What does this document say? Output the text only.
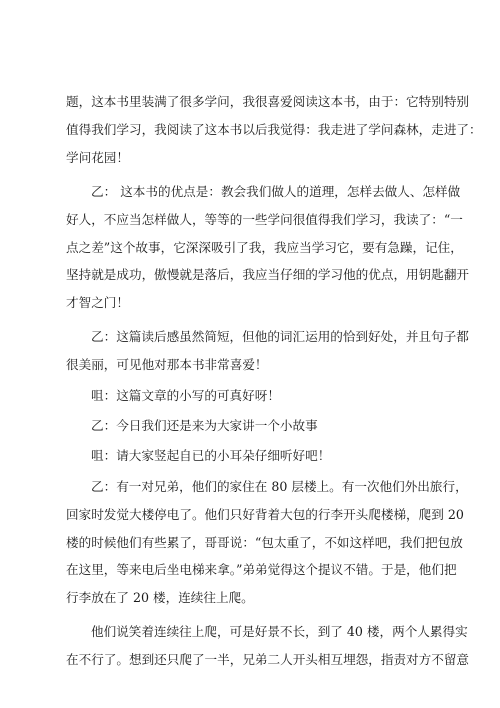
题，这本书里装满了很多学问，我很喜爱阅读这本书，由于：它特别特别
值得我们学习，我阅读了这本书以后我觉得：我走进了学问森林，走进了：
学问花园！
乙： 这本书的优点是：教会我们做人的道理，怎样去做人、怎样做
好人，不应当怎样做人，等等的一些学问很值得我们学习，我读了：“一
点之差”这个故事，它深深吸引了我，我应当学习它，要有急躁，记住，
坚持就是成功，傲慢就是落后，我应当仔细的学习他的优点，用钥匙翻开
才智之门！
乙：这篇读后感虽然简短，但他的词汇运用的恰到好处，并且句子都
很美丽，可见他对那本书非常喜爱！
咀：这篇文章的小写的可真好呀！
乙：今日我们还是来为大家讲一个小故事
咀：请大家竖起自已的小耳朵仔细听好吧！
乙：有一对兄弟，他们的家住在 80 层楼上。有一次他们外出旅行，
回家时发觉大楼停电了。他们只好背着大包的行李开头爬楼梯，爬到 20
楼的时候他们有些累了，哥哥说：“包太重了，不如这样吧，我们把包放
在这里，等来电后坐电梯来拿。”弟弟觉得这个提议不错。于是，他们把
行李放在了 20 楼，连续往上爬。
他们说笑着连续往上爬，可是好景不长，到了 40 楼，两个人累得实
在不行了。想到还只爬了一半，兄弟二人开头相互埋怨，指责对方不留意
